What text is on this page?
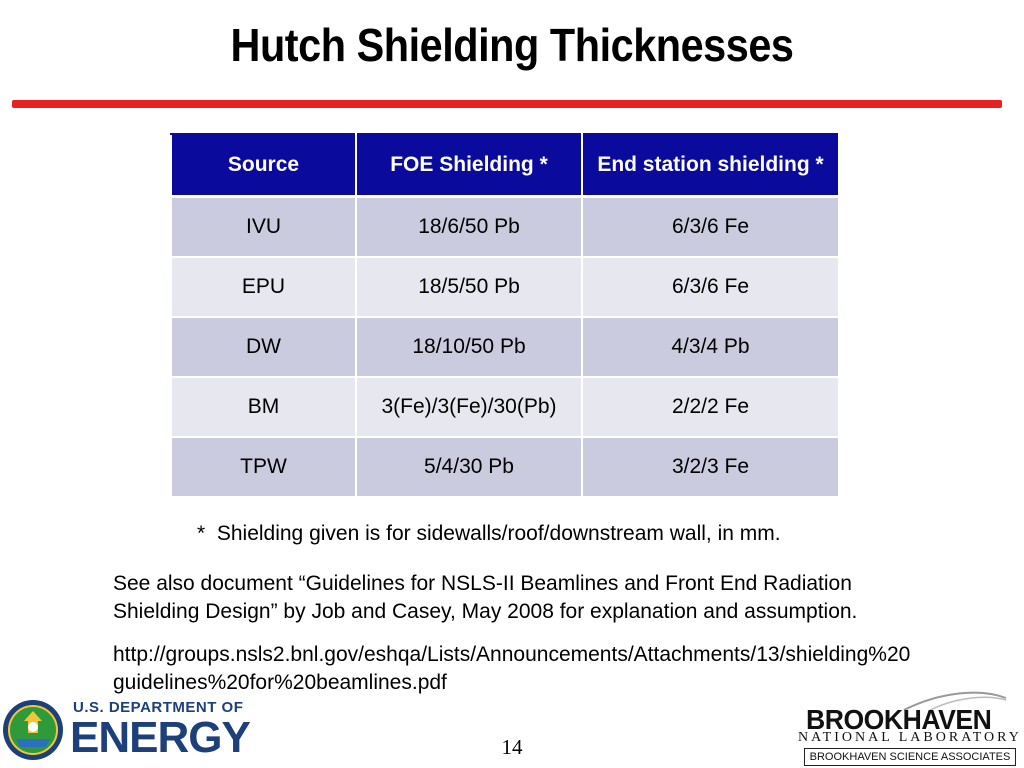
Hutch Shielding Thicknesses
Source	FOE Shielding *	End station shielding *
IVU	18/6/50 Pb	6/3/6 Fe
EPU	18/5/50 Pb	6/3/6 Fe
DW	18/10/50 Pb	4/3/4 Pb
BM	3(Fe)/3(Fe)/30(Pb)	2/2/2 Fe
TPW	5/4/30 Pb	3/2/3 Fe
*  Shielding given is for sidewalls/roof/downstream wall, in mm.
See also document “Guidelines for NSLS-II Beamlines and Front End Radiation Shielding Design” by Job and Casey, May 2008 for explanation and assumption.
http://groups.nsls2.bnl.gov/eshqa/Lists/Announcements/Attachments/13/shielding%20 guidelines%20for%20beamlines.pdf
14
U.S. DEPARTMENT OF
ENERGY	BROOKHAVEN
NATIONAL LABORATORY
BROOKHAVEN SCIENCE ASSOCIATES
